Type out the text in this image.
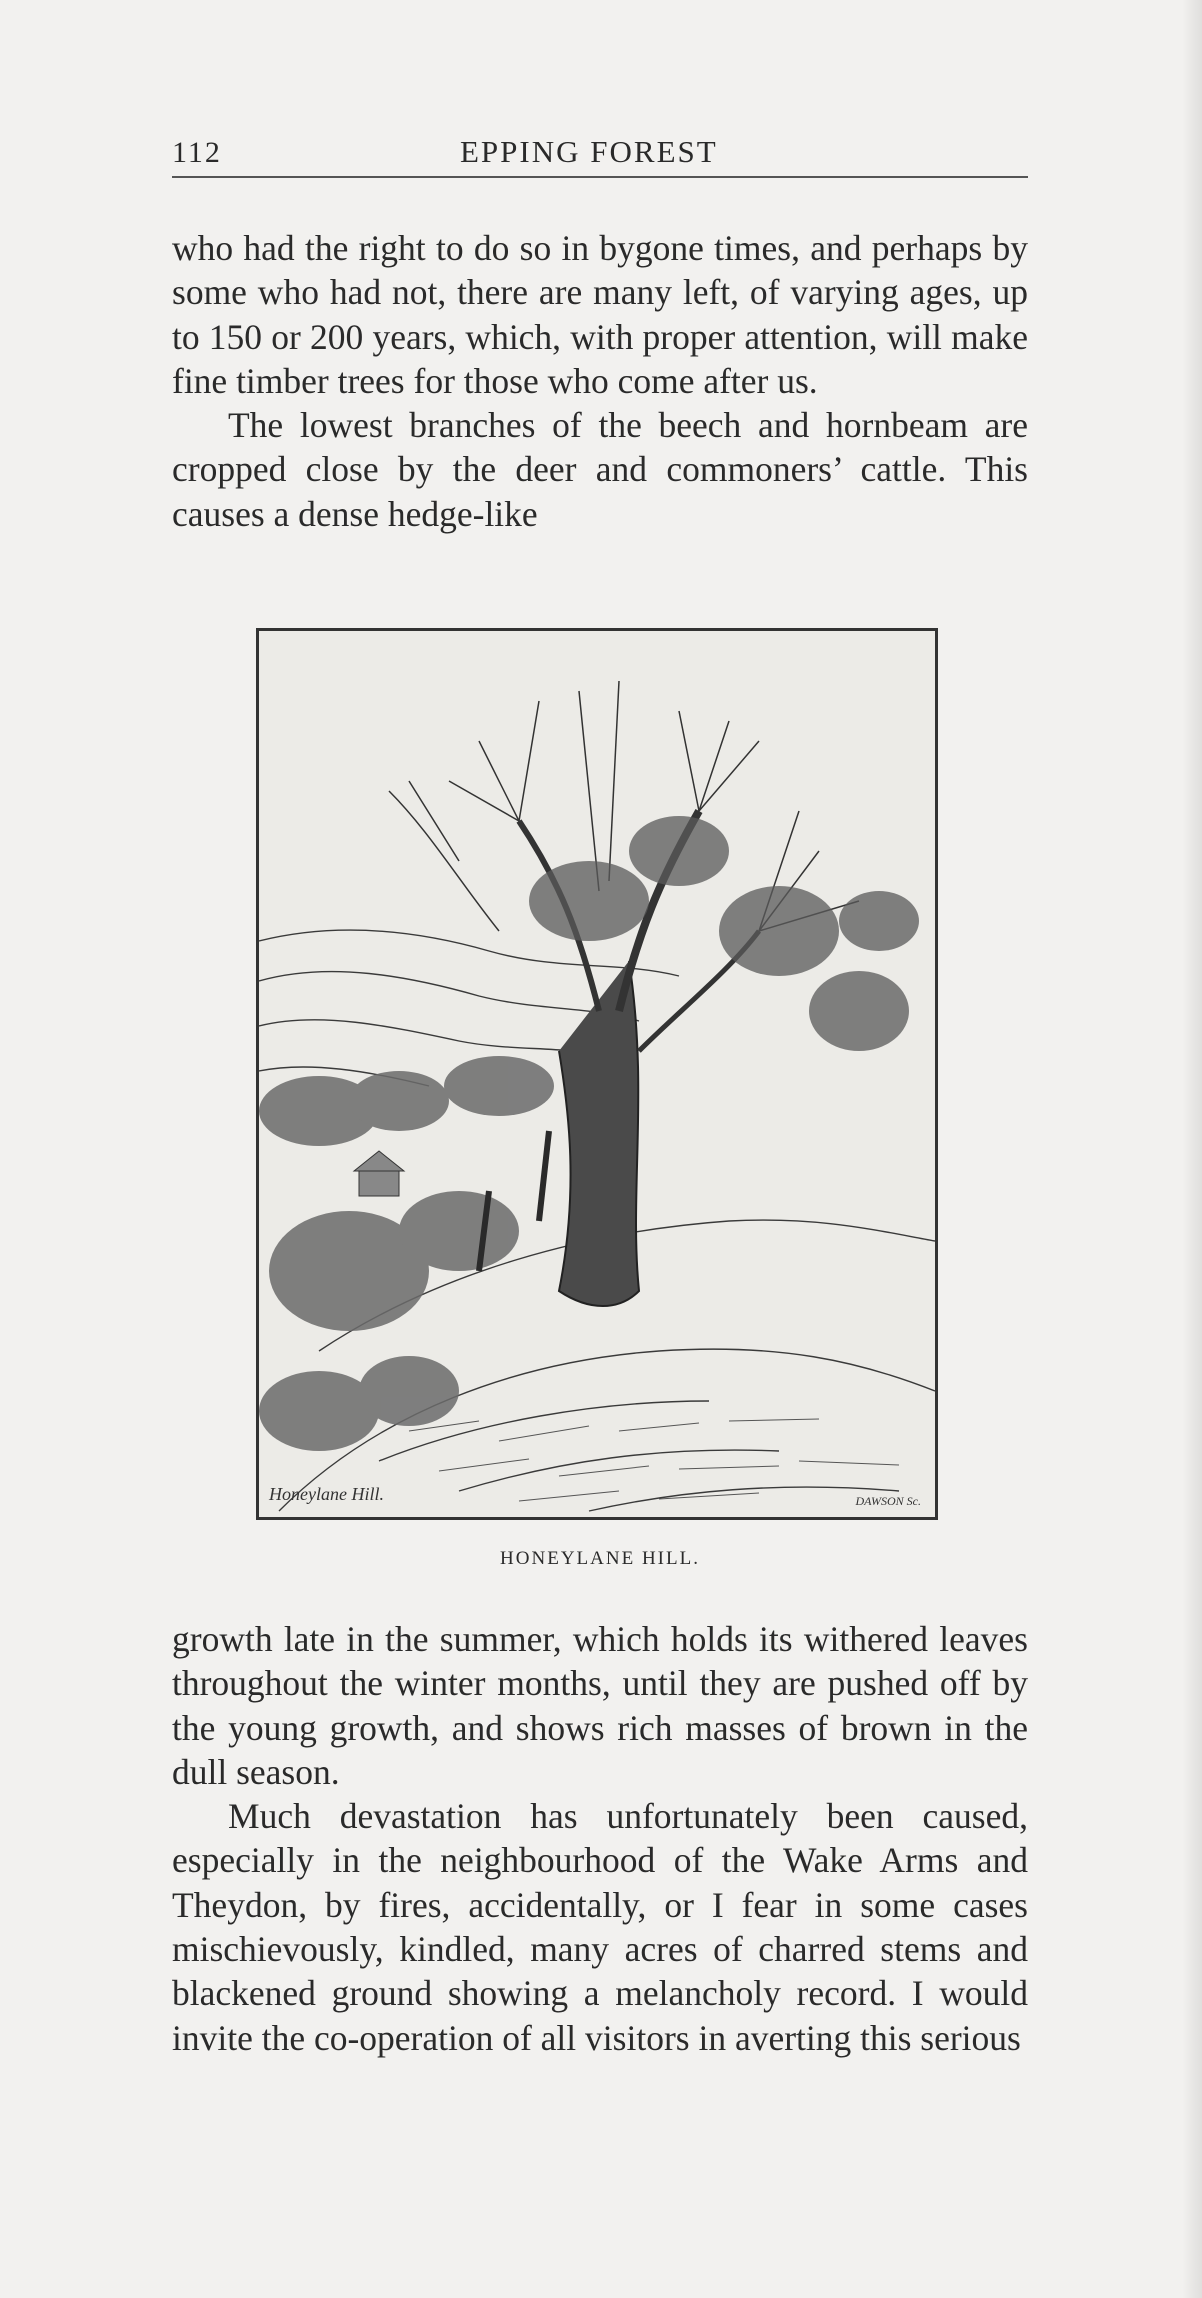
112	EPPING FOREST

who had the right to do so in bygone times, and perhaps by some who had not, there are many left, of varying ages, up to 150 or 200 years, which, with proper attention, will make fine timber trees for those who come after us.

The lowest branches of the beech and hornbeam are cropped close by the deer and commoners’ cattle. This causes a dense hedge-like

Honeylane Hill.	DAWSON Sc.
HONEYLANE HILL.

growth late in the summer, which holds its withered leaves throughout the winter months, until they are pushed off by the young growth, and shows rich masses of brown in the dull season.

Much devastation has unfortunately been caused, especially in the neighbourhood of the Wake Arms and Theydon, by fires, accidentally, or I fear in some cases mischievously, kindled, many acres of charred stems and blackened ground showing a melancholy record. I would invite the co-operation of all visitors in averting this serious
